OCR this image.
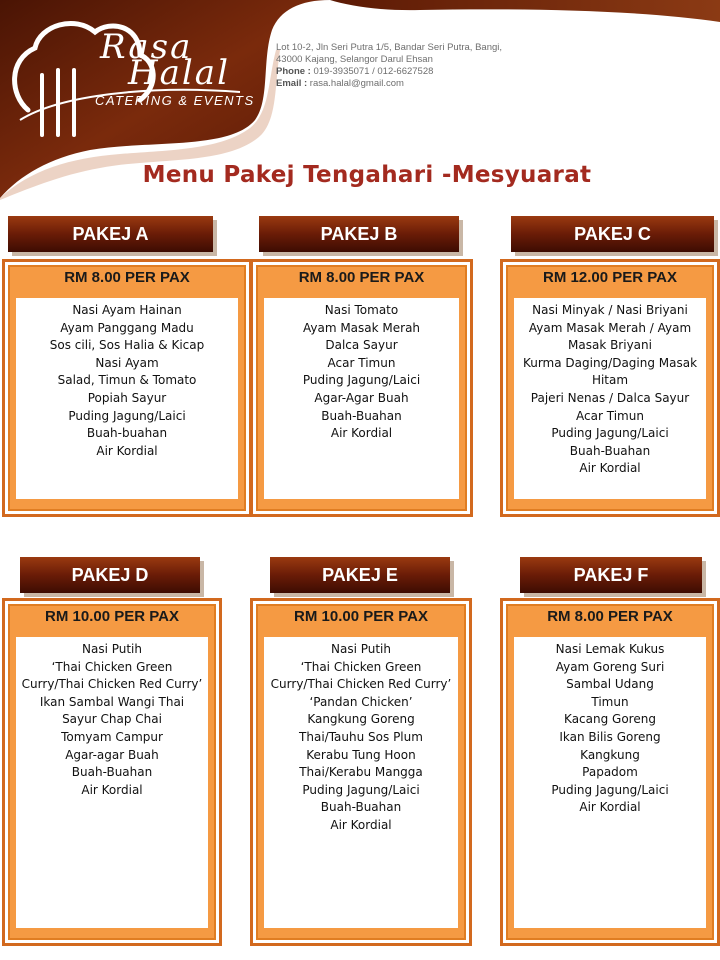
Rasa
Halal
CATERING & EVENTS
Lot 10-2, Jln Seri Putra 1/5, Bandar Seri Putra, Bangi,
43000 Kajang, Selangor Darul Ehsan
Phone : 019-3935071 / 012-6627528
Email : rasa.halal@gmail.com
Menu Pakej Tengahari -Mesyuarat
PAKEJ A
RM 8.00 PER PAX
Nasi Ayam Hainan
Ayam Panggang Madu
Sos cili, Sos Halia & Kicap
Nasi Ayam
Salad, Timun & Tomato
Popiah Sayur
Puding Jagung/Laici
Buah-buahan
Air Kordial
PAKEJ B
RM 8.00 PER PAX
Nasi Tomato
Ayam Masak Merah
Dalca Sayur
Acar Timun
Puding Jagung/Laici
Agar-Agar Buah
Buah-Buahan
Air Kordial
PAKEJ C
RM 12.00 PER PAX
Nasi Minyak / Nasi Briyani
Ayam Masak Merah / Ayam Masak Briyani
Kurma Daging/Daging Masak Hitam
Pajeri Nenas / Dalca Sayur
Acar Timun
Puding Jagung/Laici
Buah-Buahan
Air Kordial
PAKEJ D
RM 10.00 PER PAX
Nasi Putih
‘Thai Chicken Green Curry/Thai Chicken Red Curry’
Ikan Sambal Wangi Thai
Sayur Chap Chai
Tomyam Campur
Agar-agar Buah
Buah-Buahan
Air Kordial
PAKEJ E
RM 10.00 PER PAX
Nasi Putih
‘Thai Chicken Green Curry/Thai Chicken Red Curry’
‘Pandan Chicken’
Kangkung Goreng
Thai/Tauhu Sos Plum
Kerabu Tung Hoon
Thai/Kerabu Mangga
Puding Jagung/Laici
Buah-Buahan
Air Kordial
PAKEJ F
RM 8.00 PER PAX
Nasi Lemak Kukus
Ayam Goreng Suri
Sambal Udang
Timun
Kacang Goreng
Ikan Bilis Goreng
Kangkung
Papadom
Puding Jagung/Laici
Air Kordial
